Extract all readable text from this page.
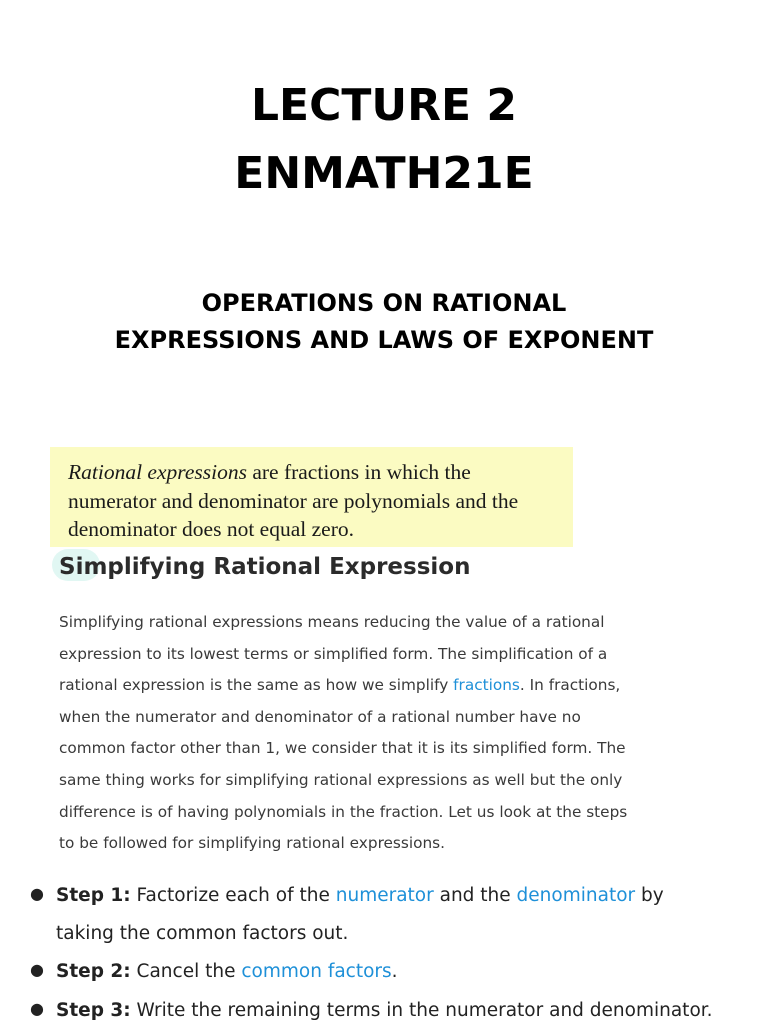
LECTURE 2
ENMATH21E
OPERATIONS ON RATIONAL
EXPRESSIONS AND LAWS OF EXPONENT
Rational expressions are fractions in which the
numerator and denominator are polynomials and the
denominator does not equal zero.
Simplifying Rational Expression
Simplifying rational expressions means reducing the value of a rational
expression to its lowest terms or simplified form. The simplification of a
rational expression is the same as how we simplify fractions. In fractions,
when the numerator and denominator of a rational number have no
common factor other than 1, we consider that it is its simplified form. The
same thing works for simplifying rational expressions as well but the only
difference is of having polynomials in the fraction. Let us look at the steps
to be followed for simplifying rational expressions.
● Step 1: Factorize each of the numerator and the denominator by
taking the common factors out.
● Step 2: Cancel the common factors.
● Step 3: Write the remaining terms in the numerator and denominator.
